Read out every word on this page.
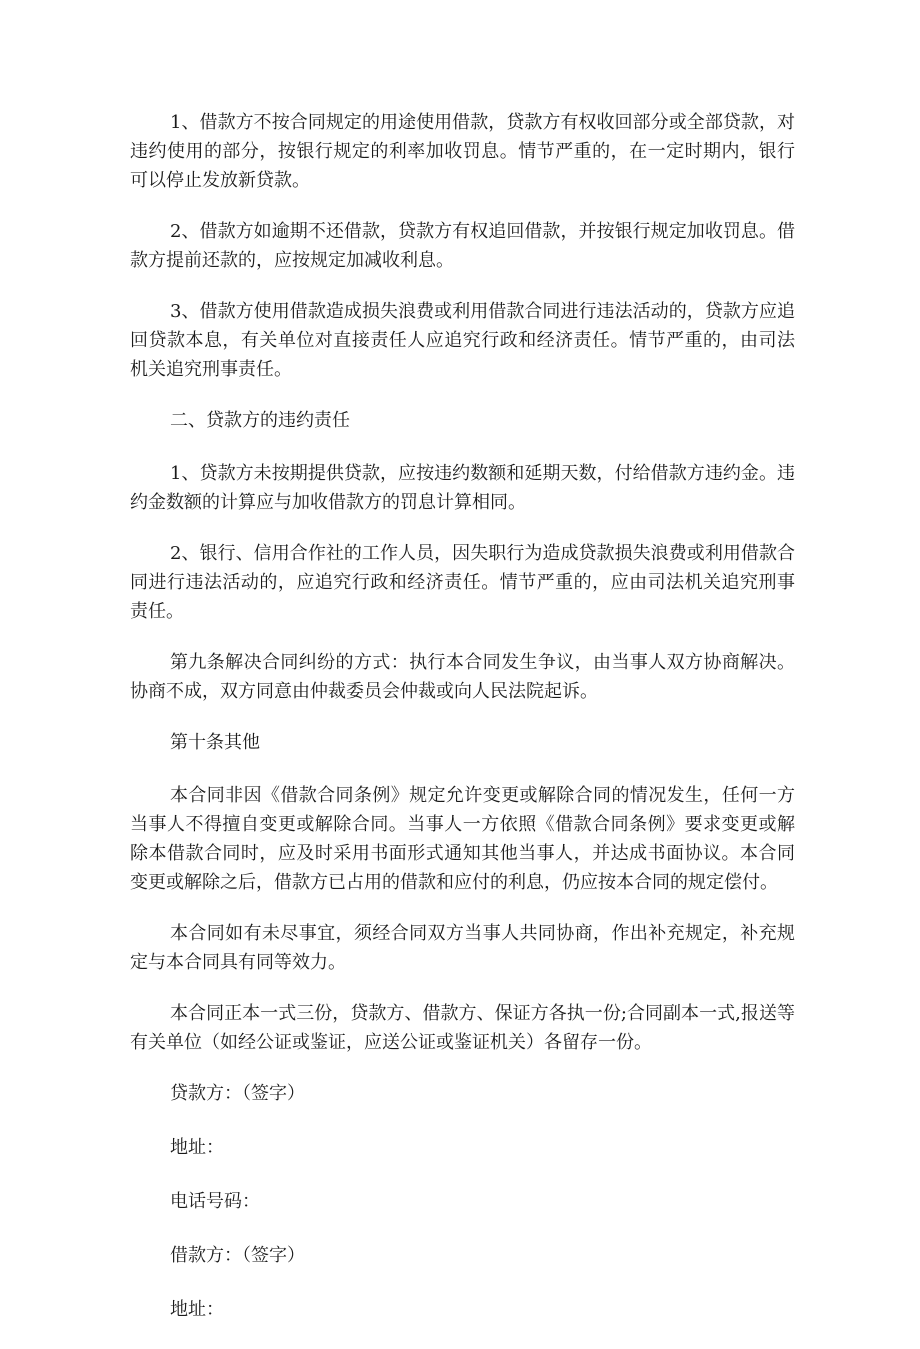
1、借款方不按合同规定的用途使用借款，贷款方有权收回部分或全部贷款，对违约使用的部分，按银行规定的利率加收罚息。情节严重的，在一定时期内，银行可以停止发放新贷款。

2、借款方如逾期不还借款，贷款方有权追回借款，并按银行规定加收罚息。借款方提前还款的，应按规定加减收利息。

3、借款方使用借款造成损失浪费或利用借款合同进行违法活动的，贷款方应追回贷款本息，有关单位对直接责任人应追究行政和经济责任。情节严重的，由司法机关追究刑事责任。

二、贷款方的违约责任

1、贷款方未按期提供贷款，应按违约数额和延期天数，付给借款方违约金。违约金数额的计算应与加收借款方的罚息计算相同。

2、银行、信用合作社的工作人员，因失职行为造成贷款损失浪费或利用借款合同进行违法活动的，应追究行政和经济责任。情节严重的，应由司法机关追究刑事责任。

第九条解决合同纠纷的方式：执行本合同发生争议，由当事人双方协商解决。协商不成，双方同意由仲裁委员会仲裁或向人民法院起诉。

第十条其他

本合同非因《借款合同条例》规定允许变更或解除合同的情况发生，任何一方当事人不得擅自变更或解除合同。当事人一方依照《借款合同条例》要求变更或解除本借款合同时，应及时采用书面形式通知其他当事人，并达成书面协议。本合同变更或解除之后，借款方已占用的借款和应付的利息，仍应按本合同的规定偿付。

本合同如有未尽事宜，须经合同双方当事人共同协商，作出补充规定，补充规定与本合同具有同等效力。

本合同正本一式三份，贷款方、借款方、保证方各执一份;合同副本一式,报送等有关单位（如经公证或鉴证，应送公证或鉴证机关）各留存一份。

贷款方：（签字）

地址：

电话号码：

借款方：（签字）

地址：
